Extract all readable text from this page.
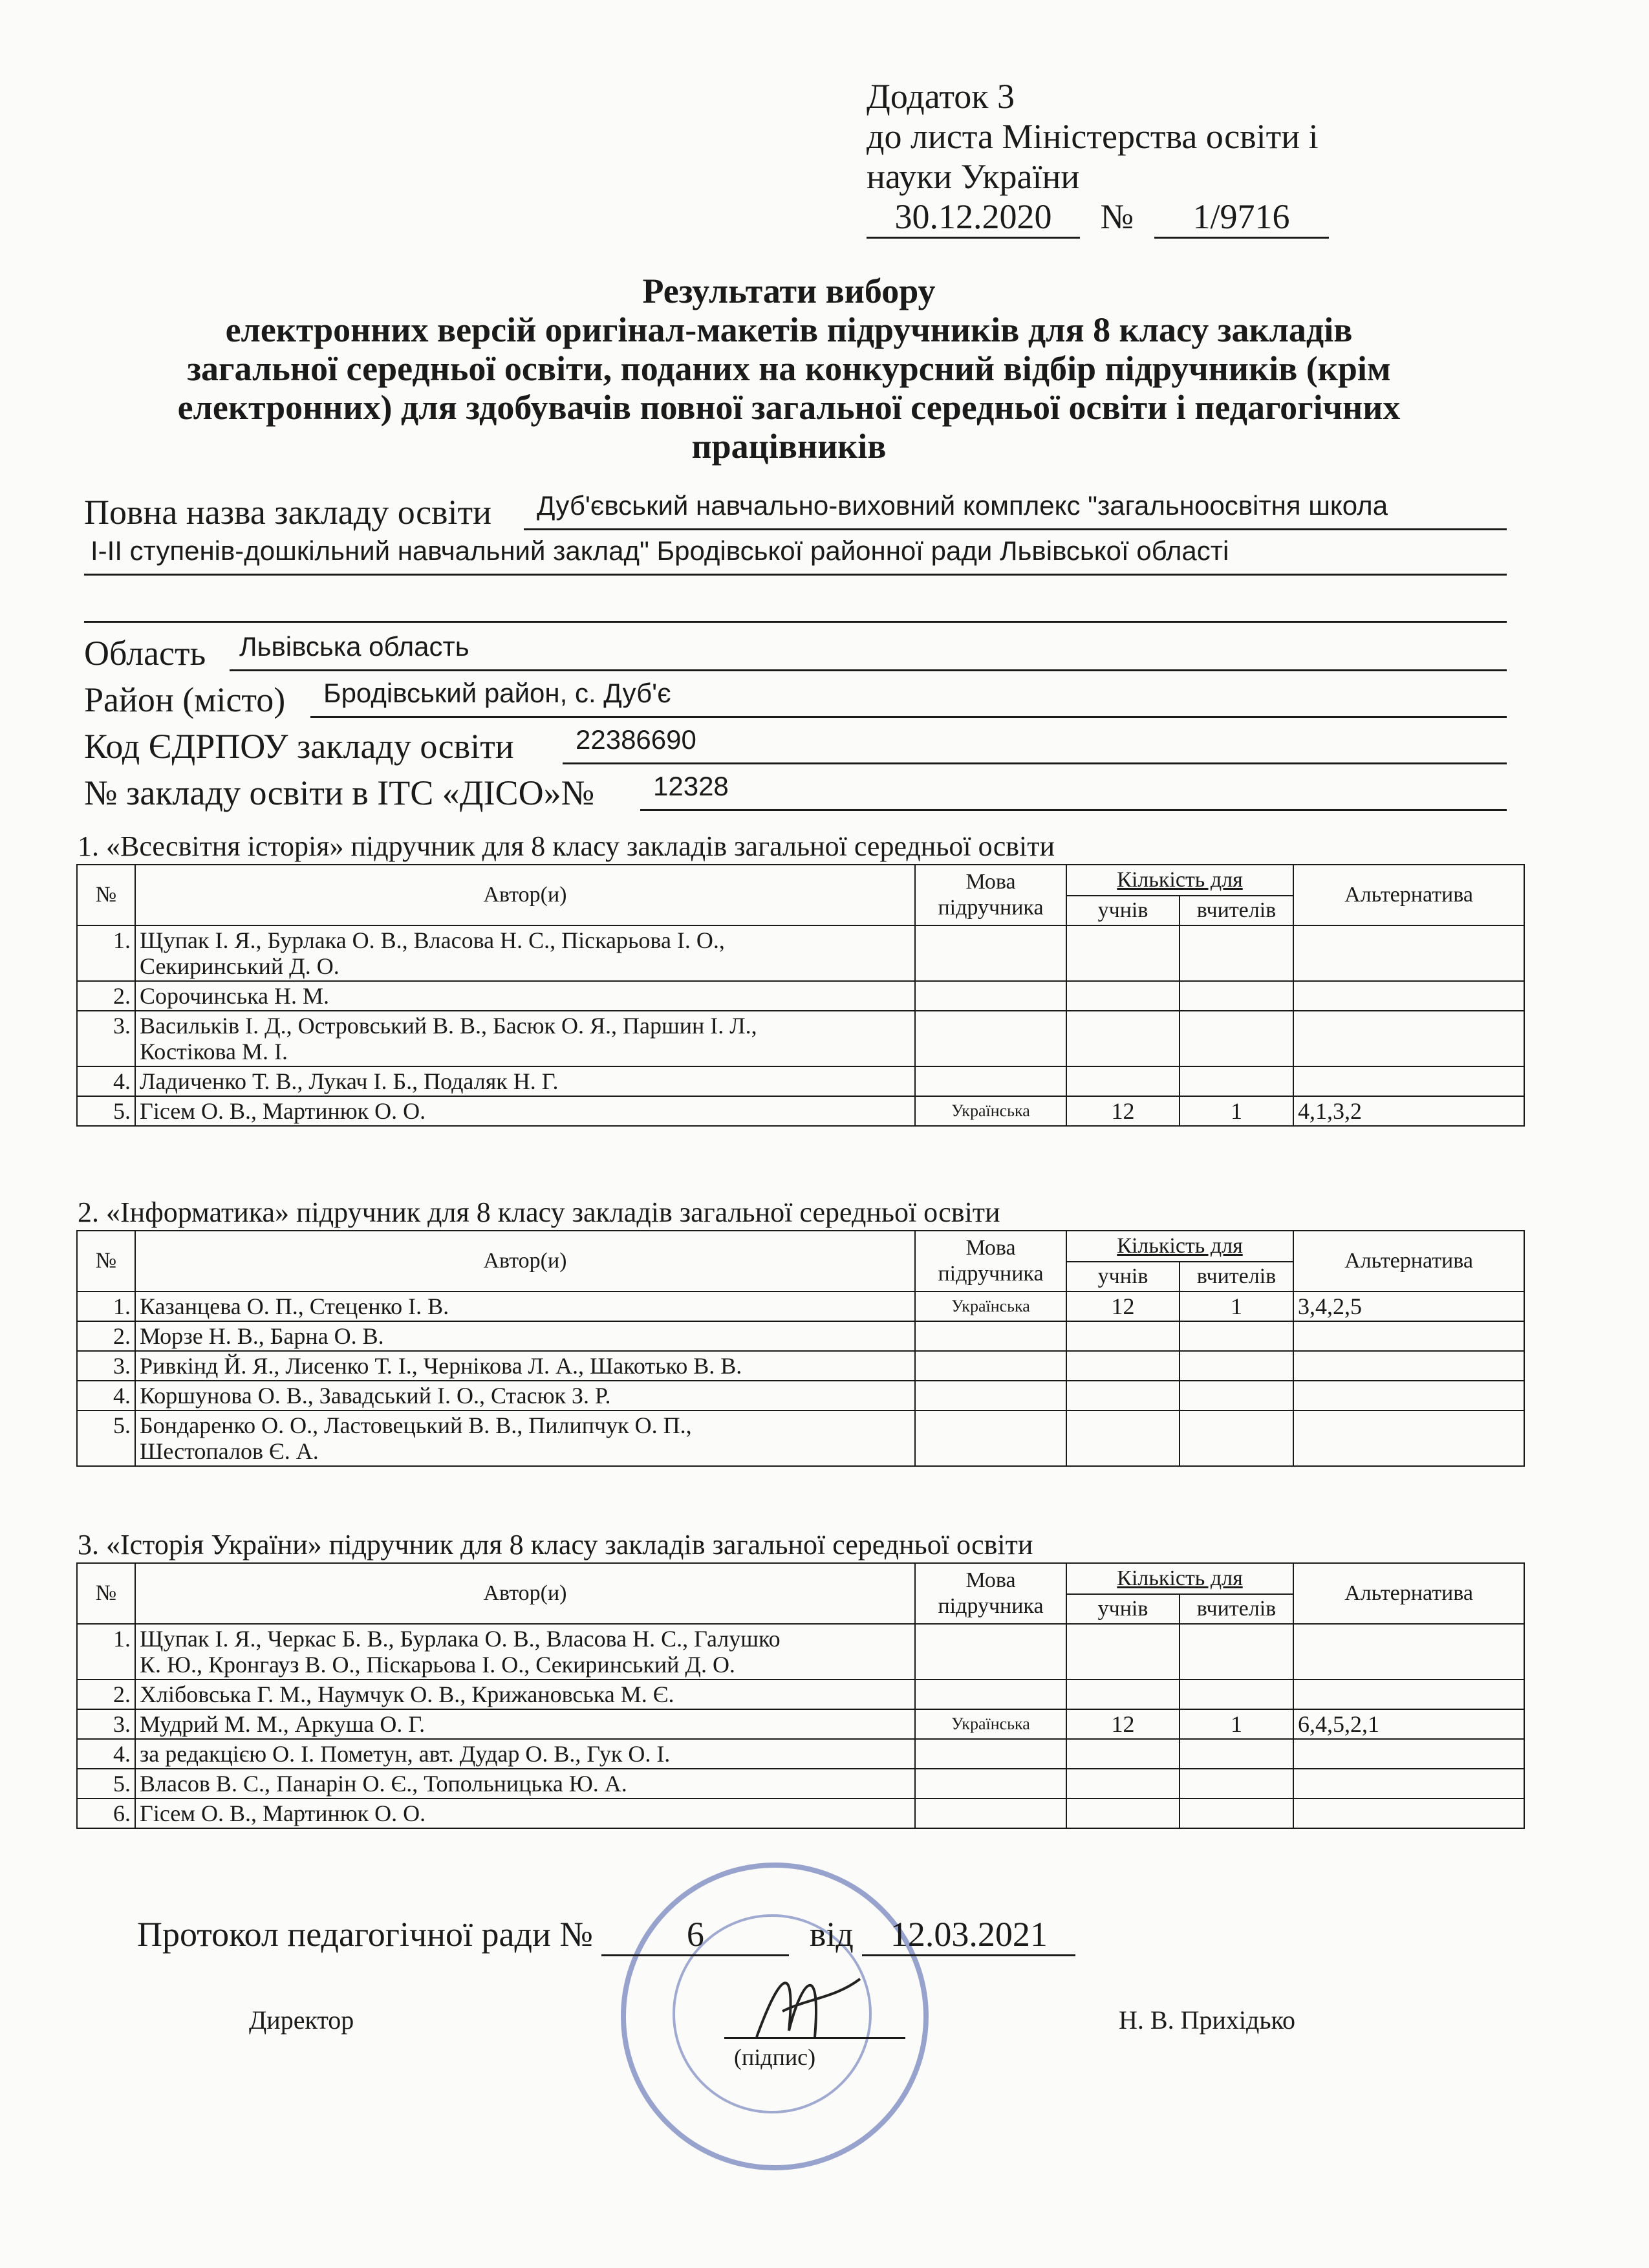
Додаток 3
до листа Міністерства освіти і
науки України
30.12.2020 № 1/9716
Результати вибору
електронних версій оригінал-макетів підручників для 8 класу закладів
загальної середньої освіти, поданих на конкурсний відбір підручників (крім
електронних) для здобувачів повної загальної середньої освіти і педагогічних
працівників
Повна назва закладу освіти Дуб'євський навчально-виховний комплекс "загальноосвітня школа
І-ІІ ступенів-дошкільний навчальний заклад" Бродівської районної ради Львівської області
Область Львівська область
Район (місто) Бродівський район, с. Дуб'є
Код ЄДРПОУ закладу освіти 22386690
№ закладу освіти в ІТС «ДІСО»№ 12328
1. «Всесвітня історія» підручник для 8 класу закладів загальної середньої освіти
№	Автор(и)	Мова
підручника	Кількість для		Альтернатива
			учнів	вчителів	
1.	Щупак І. Я., Бурлака О. В., Власова Н. С., Піскарьова І. О.,
Секиринський Д. О.				
2.	Сорочинська Н. М.				
3.	Васильків І. Д., Островський В. В., Басюк О. Я., Паршин І. Л.,
Костікова М. І.				
4.	Ладиченко Т. В., Лукач І. Б., Подаляк Н. Г.				
5.	Гісем О. В., Мартинюк О. О.	Українська	12	1	4,1,3,2
2. «Інформатика» підручник для 8 класу закладів загальної середньої освіти
№	Автор(и)	Мова
підручника	Кількість для		Альтернатива
			учнів	вчителів	
1.	Казанцева О. П., Стеценко І. В.	Українська	12	1	3,4,2,5
2.	Морзе Н. В., Барна О. В.				
3.	Ривкінд Й. Я., Лисенко Т. І., Чернікова Л. А., Шакотько В. В.				
4.	Коршунова О. В., Завадський І. О., Стасюк З. Р.				
5.	Бондаренко О. О., Ластовецький В. В., Пилипчук О. П.,
Шестопалов Є. А.				
3. «Історія України» підручник для 8 класу закладів загальної середньої освіти
№	Автор(и)	Мова
підручника	Кількість для		Альтернатива
			учнів	вчителів	
1.	Щупак І. Я., Черкас Б. В., Бурлака О. В., Власова Н. С., Галушко
К. Ю., Кронгауз В. О., Піскарьова І. О., Секиринський Д. О.				
2.	Хлібовська Г. М., Наумчук О. В., Крижановська М. Є.				
3.	Мудрий М. М., Аркуша О. Г.	Українська	12	1	6,4,5,2,1
4.	за редакцією О. І. Пометун, авт. Дудар О. В., Гук О. І.				
5.	Власов В. С., Панарін О. Є., Топольницька Ю. А.				
6.	Гісем О. В., Мартинюк О. О.				
Протокол педагогічної ради №	6	від 12.03.2021
Директор
(підпис)
Н. В. Прихідько
